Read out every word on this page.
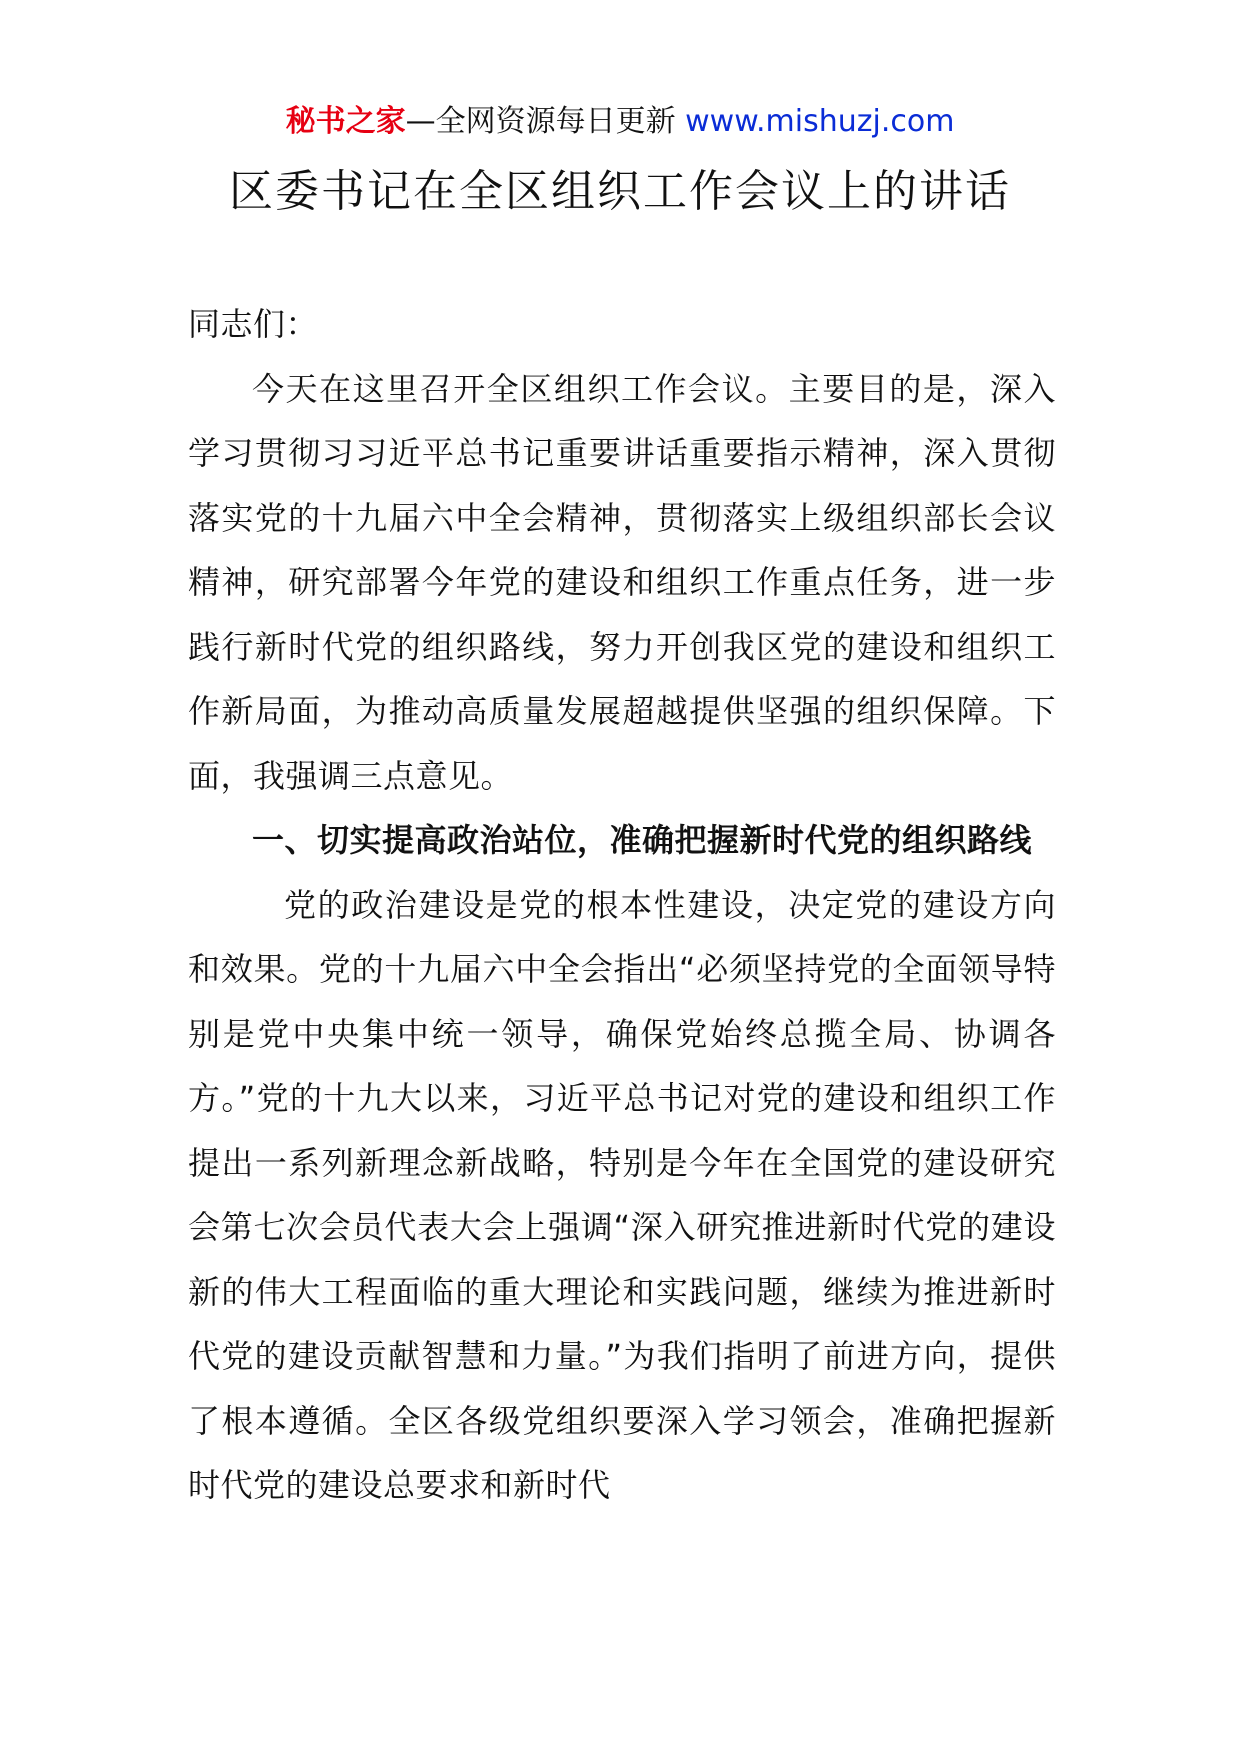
秘书之家—全网资源每日更新 www.mishuzj.com
区委书记在全区组织工作会议上的讲话

同志们：

今天在这里召开全区组织工作会议。主要目的是，深入学习贯彻习习近平总书记重要讲话重要指示精神，深入贯彻落实党的十九届六中全会精神，贯彻落实上级组织部长会议精神，研究部署今年党的建设和组织工作重点任务，进一步践行新时代党的组织路线，努力开创我区党的建设和组织工作新局面，为推动高质量发展超越提供坚强的组织保障。下面，我强调三点意见。

一、切实提高政治站位，准确把握新时代党的组织路线

党的政治建设是党的根本性建设，决定党的建设方向和效果。党的十九届六中全会指出“必须坚持党的全面领导特别是党中央集中统一领导，确保党始终总揽全局、协调各方。”党的十九大以来，习近平总书记对党的建设和组织工作提出一系列新理念新战略，特别是今年在全国党的建设研究会第七次会员代表大会上强调“深入研究推进新时代党的建设新的伟大工程面临的重大理论和实践问题，继续为推进新时代党的建设贡献智慧和力量。”为我们指明了前进方向，提供了根本遵循。全区各级党组织要深入学习领会，准确把握新时代党的建设总要求和新时代
